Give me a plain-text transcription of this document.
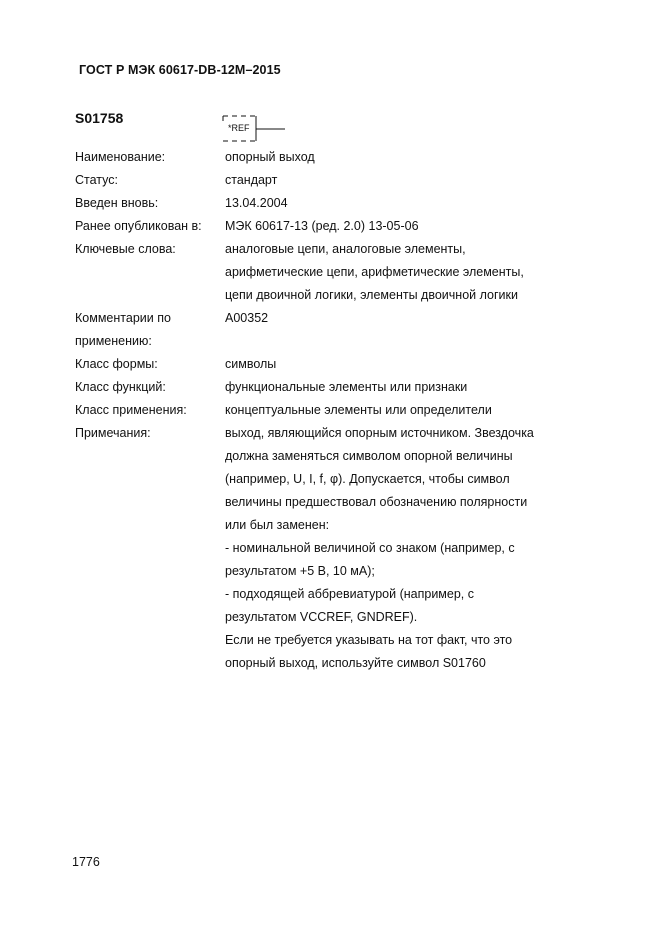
ГОСТ Р МЭК 60617-DB-12M–2015
S01758
*REF
Наименование:	опорный выход
Статус:	стандарт
Введен вновь:	13.04.2004
Ранее опубликован в:	МЭК 60617-13 (ред. 2.0) 13-05-06
Ключевые слова:	аналоговые цепи, аналоговые элементы,
арифметические цепи, арифметические элементы,
цепи двоичной логики, элементы двоичной логики
Комментарии по
применению:
A00352
Класс формы:	символы
Класс функций:	функциональные элементы или признаки
Класс применения:	концептуальные элементы или определители
Примечания:	выход, являющийся опорным источником. Звездочка
должна заменяться символом опорной величины
(например, U, I, f, φ). Допускается, чтобы символ
величины предшествовал обозначению полярности
или был заменен:
- номинальной величиной со знаком (например, с
результатом +5 В, 10 мА);
- подходящей аббревиатурой (например, с
результатом VCCREF, GNDREF).
Если не требуется указывать на тот факт, что это
опорный выход, используйте символ S01760
1776
